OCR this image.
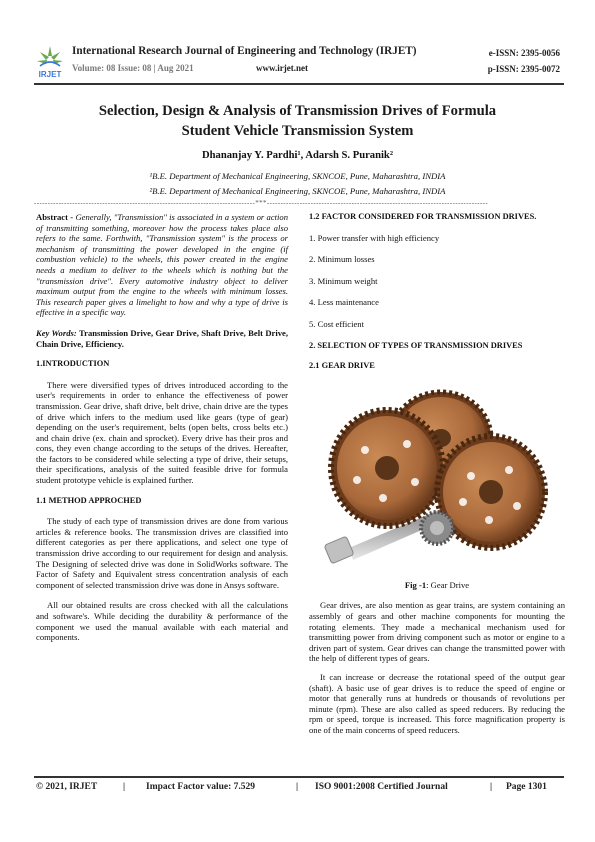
IRJET
International Research Journal of Engineering and Technology (IRJET)
Volume: 08 Issue: 08 | Aug 2021	www.irjet.net
e-ISSN: 2395-0056
p-ISSN: 2395-0072
Selection, Design & Analysis of Transmission Drives of Formula
Student Vehicle Transmission System
Dhananjay Y. Pardhi¹, Adarsh S. Puranik²
¹B.E. Department of Mechanical Engineering, SKNCOE, Pune, Maharashtra, INDIA
²B.E. Department of Mechanical Engineering, SKNCOE, Pune, Maharashtra, INDIA
---------------------------------------------------------------------------------***---------------------------------------------------------------------------------

Abstract - Generally, "Transmission" is associated in a system or action of transmitting something, moreover how the process takes place also refers to the same. Forthwith, "Transmission system" is the process or mechanism of transmitting the power developed in the engine (if combustion vehicle) to the wheels, this power created in the engine needs a medium to deliver to the wheels which is nothing but the "transmission drive". Every automotive industry object to deliver maximum output from the engine to the wheels with minimum losses. This research paper gives a limelight to how and why a type of drive is effective in a specific way.

Key Words: Transmission Drive, Gear Drive, Shaft Drive, Belt Drive, Chain Drive, Efficiency.

1.INTRODUCTION

There were diversified types of drives introduced according to the user's requirements in order to enhance the effectiveness of power transmission. Gear drive, shaft drive, belt drive, chain drive are the types of drive which infers to the medium used like gears (type of gear) depending on the user's requirement, belts (open belts, cross belts etc.) and chain drive (ex. chain and sprocket). Every drive has their pros and cons, they even change according to the setups of the drives. Hereafter, the factors to be considered while selecting a type of drive, their setups, their specifications, analysis of the suited feasible drive for formula student prototype vehicle is explained further.

1.1 METHOD APPROCHED

The study of each type of transmission drives are done from various articles & reference books. The transmission drives are classified into different categories as per there applications, and select one type of transmission drive according to our requirement for design and analysis. The Designing of selected drive was done in SolidWorks software. The Factor of Safety and Equivalent stress concentration analysis of each component of selected transmission drive was done in Ansys software.

All our obtained results are cross checked with all the calculations and software's. While deciding the durability & performance of the component we used the manual available with each material and components.

1.2 FACTOR CONSIDERED FOR TRANSMISSION DRIVES.

1. Power transfer with high efficiency
2. Minimum losses
3. Minimum weight
4. Less maintenance
5. Cost efficient

2. SELECTION OF TYPES OF TRANSMISSION DRIVES

2.1 GEAR DRIVE

Fig -1: Gear Drive

Gear drives, are also mention as gear trains, are system containing an assembly of gears and other machine components for mounting the rotating elements. They made a mechanical mechanism used for transmitting power from driving component such as motor or engine to a driven part of system. Gear drives can change the transmitted power with the help of different types of gears.

It can increase or decrease the rotational speed of the output gear (shaft). A basic use of gear drives is to reduce the speed of engine or motor that generally runs at hundreds or thousands of revolutions per minute (rpm). These are also called as speed reducers. By reducing the rpm or speed, torque is increased. This force magnification property is one of the main concerns of speed reducers.

© 2021, IRJET	| Impact Factor value: 7.529	| ISO 9001:2008 Certified Journal	| Page 1301
